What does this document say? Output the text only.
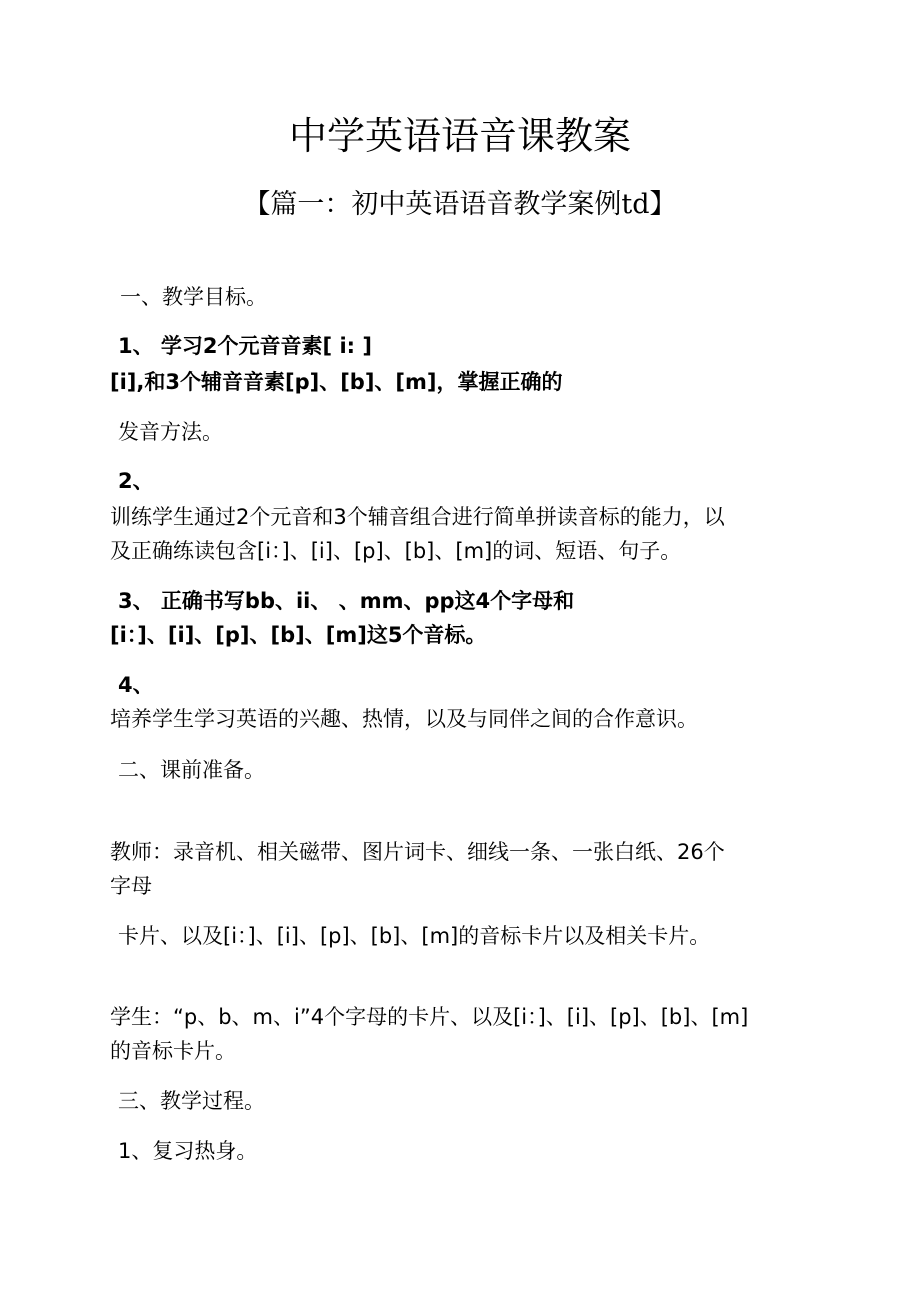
中学英语语音课教案
【篇一：初中英语语音教学案例td】
一、教学目标。
1、 学习2个元音音素[ i: ]
[i],和3个辅音音素[p]、[b]、[m]，掌握正确的
发音方法。
2、
训练学生通过2个元音和3个辅音组合进行简单拼读音标的能力，以
及正确练读包含[i：]、[i]、[p]、[b]、[m]的词、短语、句子。
3、 正确书写bb、ii、 、mm、pp这4个字母和
[i：]、[i]、[p]、[b]、[m]这5个音标。
4、
培养学生学习英语的兴趣、热情，以及与同伴之间的合作意识。
二、课前准备。
教师：录音机、相关磁带、图片词卡、细线一条、一张白纸、26个
字母
卡片、以及[i：]、[i]、[p]、[b]、[m]的音标卡片以及相关卡片。
学生：“p、b、m、i”4个字母的卡片、以及[i：]、[i]、[p]、[b]、[m]
的音标卡片。
三、教学过程。
1、复习热身。
